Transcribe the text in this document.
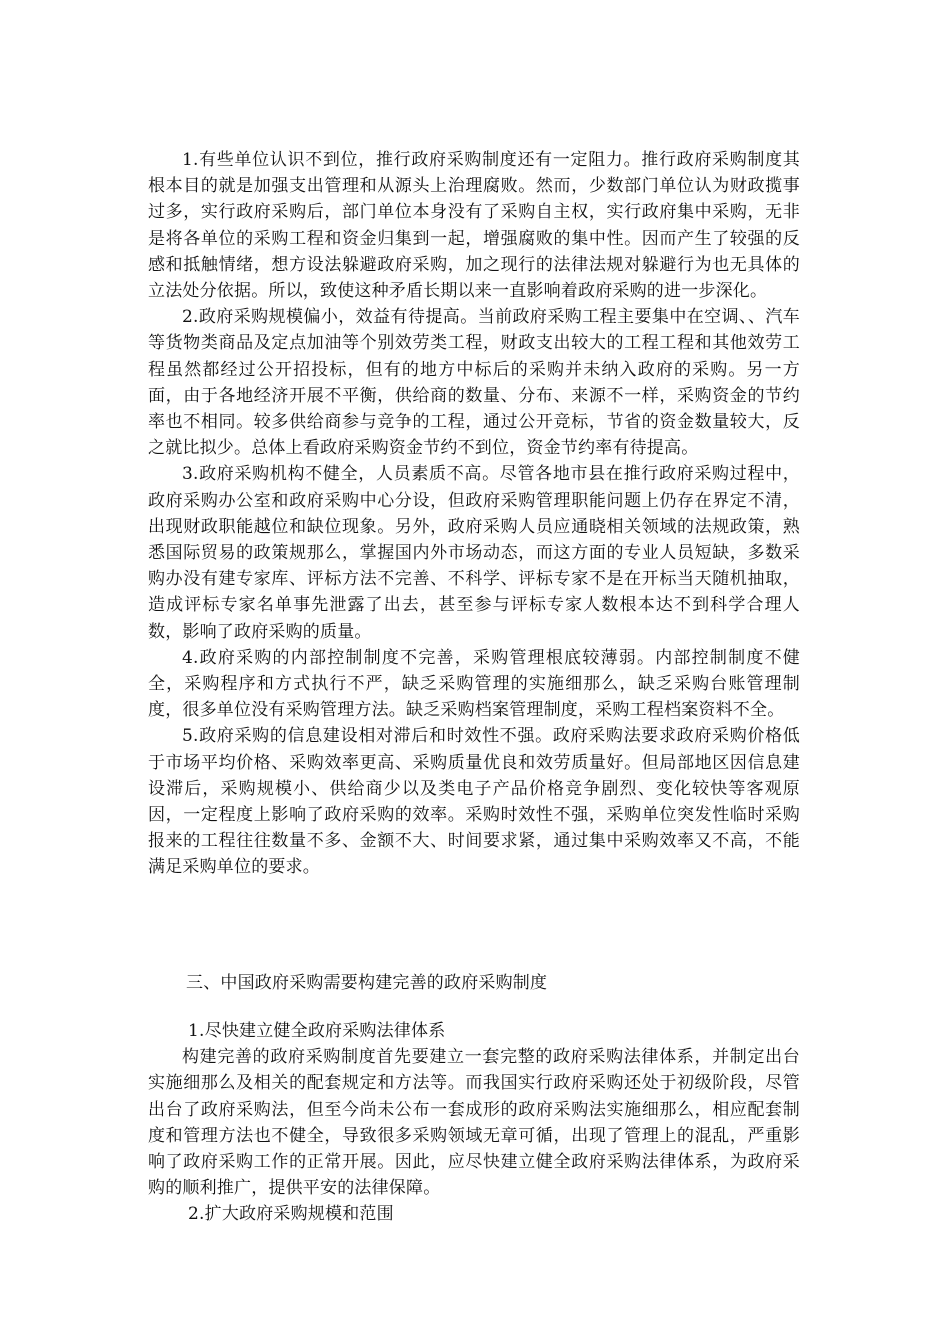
1.有些单位认识不到位，推行政府采购制度还有一定阻力。推行政府采购制度其根本目的就是加强支出管理和从源头上治理腐败。然而，少数部门单位认为财政揽事过多，实行政府采购后，部门单位本身没有了采购自主权，实行政府集中采购，无非是将各单位的采购工程和资金归集到一起，增强腐败的集中性。因而产生了较强的反感和抵触情绪，想方设法躲避政府采购，加之现行的法律法规对躲避行为也无具体的立法处分依据。所以，致使这种矛盾长期以来一直影响着政府采购的进一步深化。

2.政府采购规模偏小，效益有待提高。当前政府采购工程主要集中在空调、、汽车等货物类商品及定点加油等个别效劳类工程，财政支出较大的工程工程和其他效劳工程虽然都经过公开招投标，但有的地方中标后的采购并未纳入政府的采购。另一方面，由于各地经济开展不平衡，供给商的数量、分布、来源不一样，采购资金的节约率也不相同。较多供给商参与竞争的工程，通过公开竞标，节省的资金数量较大，反之就比拟少。总体上看政府采购资金节约不到位，资金节约率有待提高。

3.政府采购机构不健全，人员素质不高。尽管各地市县在推行政府采购过程中，政府采购办公室和政府采购中心分设，但政府采购管理职能问题上仍存在界定不清，出现财政职能越位和缺位现象。另外，政府采购人员应通晓相关领域的法规政策，熟悉国际贸易的政策规那么，掌握国内外市场动态，而这方面的专业人员短缺，多数采购办没有建专家库、评标方法不完善、不科学、评标专家不是在开标当天随机抽取，造成评标专家名单事先泄露了出去，甚至参与评标专家人数根本达不到科学合理人数，影响了政府采购的质量。

4.政府采购的内部控制制度不完善，采购管理根底较薄弱。内部控制制度不健全，采购程序和方式执行不严，缺乏采购管理的实施细那么，缺乏采购台账管理制度，很多单位没有采购管理方法。缺乏采购档案管理制度，采购工程档案资料不全。

5.政府采购的信息建设相对滞后和时效性不强。政府采购法要求政府采购价格低于市场平均价格、采购效率更高、采购质量优良和效劳质量好。但局部地区因信息建设滞后，采购规模小、供给商少以及类电子产品价格竞争剧烈、变化较快等客观原因，一定程度上影响了政府采购的效率。采购时效性不强，采购单位突发性临时采购报来的工程往往数量不多、金额不大、时间要求紧，通过集中采购效率又不高，不能满足采购单位的要求。

三、中国政府采购需要构建完善的政府采购制度

1.尽快建立健全政府采购法律体系

构建完善的政府采购制度首先要建立一套完整的政府采购法律体系，并制定出台实施细那么及相关的配套规定和方法等。而我国实行政府采购还处于初级阶段，尽管出台了政府采购法，但至今尚未公布一套成形的政府采购法实施细那么，相应配套制度和管理方法也不健全，导致很多采购领域无章可循，出现了管理上的混乱，严重影响了政府采购工作的正常开展。因此，应尽快建立健全政府采购法律体系，为政府采购的顺利推广，提供平安的法律保障。

2.扩大政府采购规模和范围
